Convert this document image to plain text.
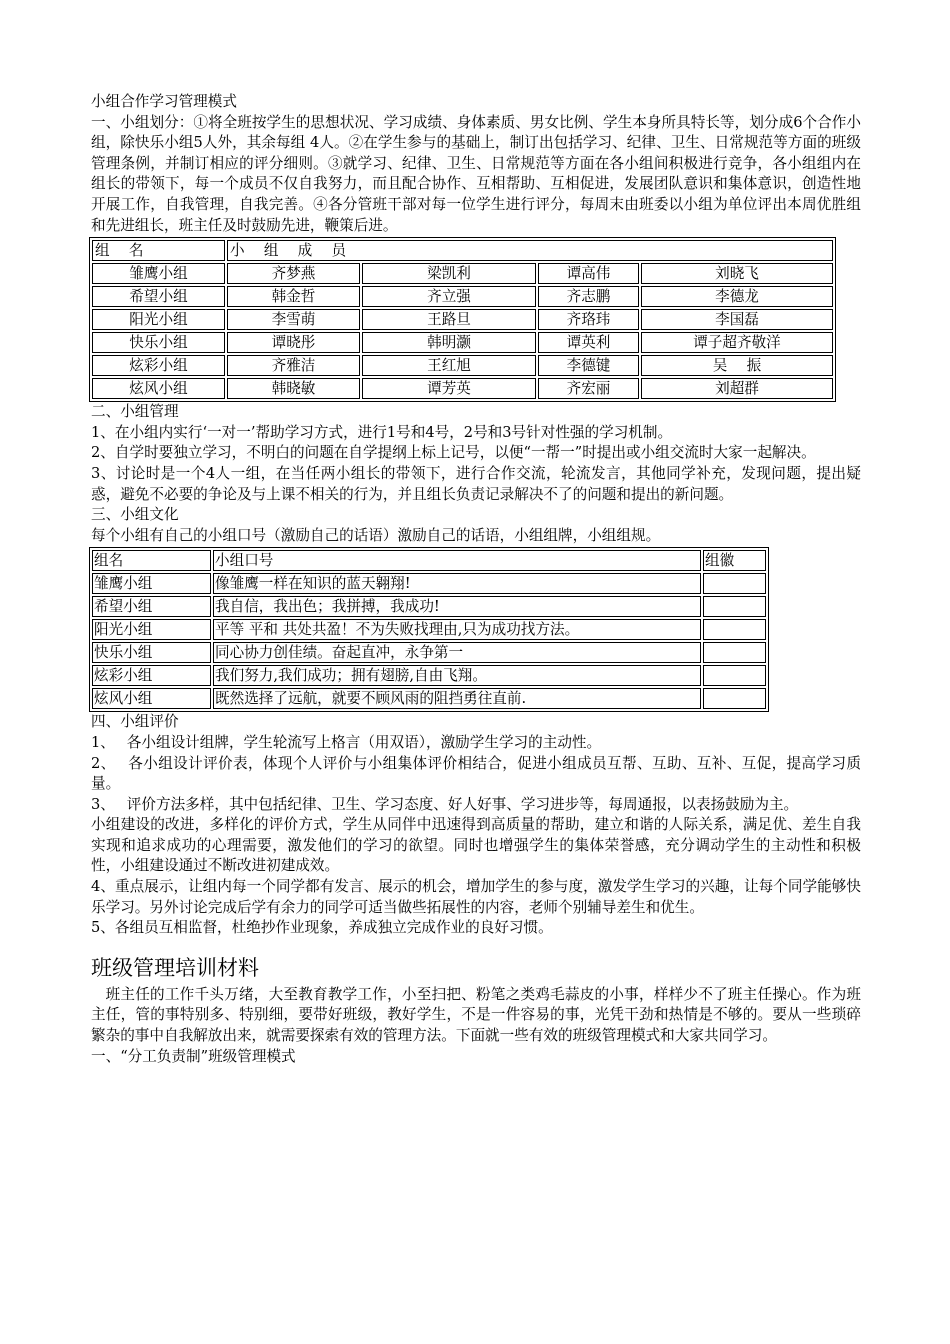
小组合作学习管理模式

一、小组划分：①将全班按学生的思想状况、学习成绩、身体素质、男女比例、学生本身所具特长等，划分成6个合作小组，除快乐小组5人外，其余每组 4人。②在学生参与的基础上，制订出包括学习、纪律、卫生、日常规范等方面的班级管理条例，并制订相应的评分细则。③就学习、纪律、卫生、日常规范等方面在各小组间积极进行竞争，各小组组内在组长的带领下，每一个成员不仅自我努力，而且配合协作、互相帮助、互相促进，发展团队意识和集体意识，创造性地开展工作，自我管理，自我完善。④各分管班干部对每一位学生进行评分，每周末由班委以小组为单位评出本周优胜组和先进组长，班主任及时鼓励先进，鞭策后进。

组　 名	小　 组　 成　 员			
雏鹰小组	齐梦燕	梁凯利	谭高伟	刘晓飞
希望小组	韩金哲	齐立强	齐志鹏	李德龙
阳光小组	李雪萌	王路旦	齐珞玮	李国磊
快乐小组	谭晓彤	韩明灏	谭英利	谭子超齐敬洋
炫彩小组	齐雅洁	王红旭	李德键	吴　 振
炫风小组	韩晓敏	谭芳英	齐宏丽	刘超群

二、小组管理

1、在小组内实行‘一对一’帮助学习方式，进行1号和4号，2号和3号针对性强的学习机制。

2、自学时要独立学习，不明白的问题在自学提纲上标上记号，以便“一帮一”时提出或小组交流时大家一起解决。

3、讨论时是一个4人一组，在当任两小组长的带领下，进行合作交流，轮流发言，其他同学补充，发现问题，提出疑惑，避免不必要的争论及与上课不相关的行为，并且组长负责记录解决不了的问题和提出的新问题。

三、小组文化

每个小组有自己的小组口号（激励自己的话语）激励自己的话语，小组组牌，小组组规。

组名	小组口号	组徽
雏鹰小组	像雏鹰一样在知识的蓝天翱翔!	
希望小组	我自信，我出色；我拼搏，我成功!	
阳光小组	平等 平和 共处共盈！不为失败找理由,只为成功找方法。	
快乐小组	同心协力创佳绩。奋起直冲，永争第一	
炫彩小组	我们努力,我们成功；拥有翅膀,自由飞翔。	
炫风小组	既然选择了远航，就要不顾风雨的阻挡勇往直前.	

四、小组评价

1、　 各小组设计组牌，学生轮流写上格言（用双语），激励学生学习的主动性。

2、　 各小组设计评价表，体现个人评价与小组集体评价相结合，促进小组成员互帮、互助、互补、互促，提高学习质量。

3、　 评价方法多样，其中包括纪律、卫生、学习态度、好人好事、学习进步等，每周通报，以表扬鼓励为主。

小组建设的改进，多样化的评价方式，学生从同伴中迅速得到高质量的帮助，建立和谐的人际关系，满足优、差生自我实现和追求成功的心理需要，激发他们的学习的欲望。同时也增强学生的集体荣誉感，充分调动学生的主动性和积极性，小组建设通过不断改进初建成效。

4、重点展示，让组内每一个同学都有发言、展示的机会，增加学生的参与度，激发学生学习的兴趣，让每个同学能够快乐学习。另外讨论完成后学有余力的同学可适当做些拓展性的内容，老师个别辅导差生和优生。

5、各组员互相监督，杜绝抄作业现象，养成独立完成作业的良好习惯。

班级管理培训材料

班主任的工作千头万绪，大至教育教学工作，小至扫把、粉笔之类鸡毛蒜皮的小事，样样少不了班主任操心。作为班主任，管的事特别多、特别细，要带好班级，教好学生，不是一件容易的事，光凭干劲和热情是不够的。要从一些琐碎繁杂的事中自我解放出来，就需要探索有效的管理方法。下面就一些有效的班级管理模式和大家共同学习。

一、“分工负责制”班级管理模式
